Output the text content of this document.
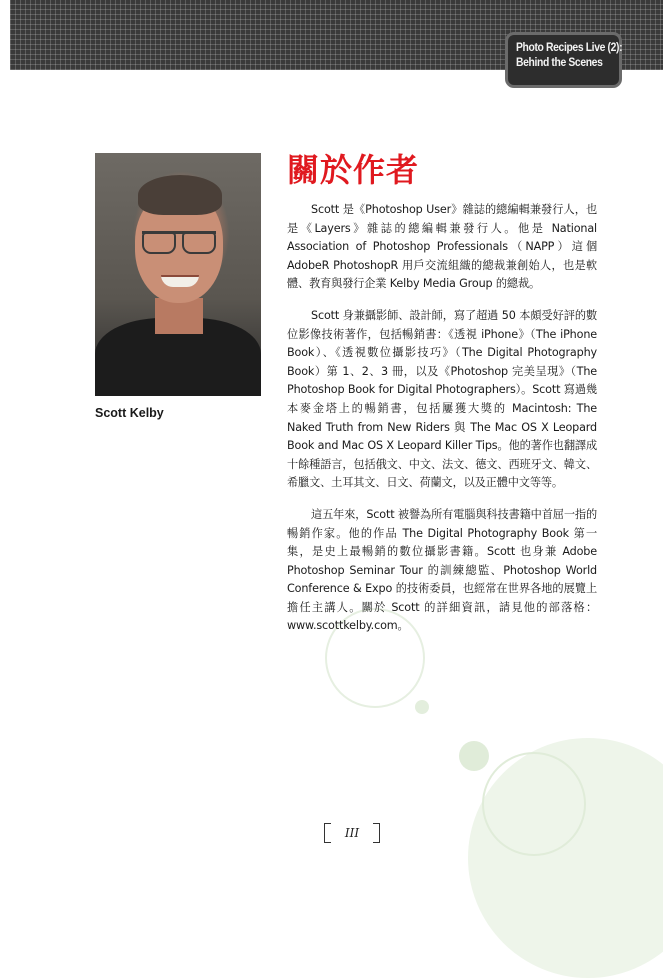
Photo Recipes Live (2):
Behind the Scenes
Scott Kelby
關於作者

Scott 是《Photoshop User》雜誌的總編輯兼發行人，也是《Layers》雜誌的總編輯兼發行人。他是 National Association of Photoshop Professionals（NAPP）這個 AdobeR PhotoshopR 用戶交流組織的總裁兼創始人，也是軟體、教育與發行企業 Kelby Media Group 的總裁。

Scott 身兼攝影師、設計師，寫了超過 50 本頗受好評的數位影像技術著作，包括暢銷書：《透視 iPhone》（The iPhone Book）、《透視數位攝影技巧》（The Digital Photography Book）第 1、2、3 冊，以及《Photoshop 完美呈現》（The Photoshop Book for Digital Photographers）。Scott 寫過幾本麥金塔上的暢銷書，包括屢獲大獎的 Macintosh: The Naked Truth from New Riders 與 The Mac OS X Leopard Book and Mac OS X Leopard Killer Tips。他的著作也翻譯成十餘種語言，包括俄文、中文、法文、德文、西班牙文、韓文、希臘文、土耳其文、日文、荷蘭文，以及正體中文等等。

這五年來，Scott 被譽為所有電腦與科技書籍中首屈一指的暢銷作家。他的作品 The Digital Photography Book 第一集，是史上最暢銷的數位攝影書籍。Scott 也身兼 Adobe Photoshop Seminar Tour 的訓練總監、Photoshop World Conference & Expo 的技術委員，也經常在世界各地的展覽上擔任主講人。關於 Scott 的詳細資訊，請見他的部落格：www.scottkelby.com。

III
